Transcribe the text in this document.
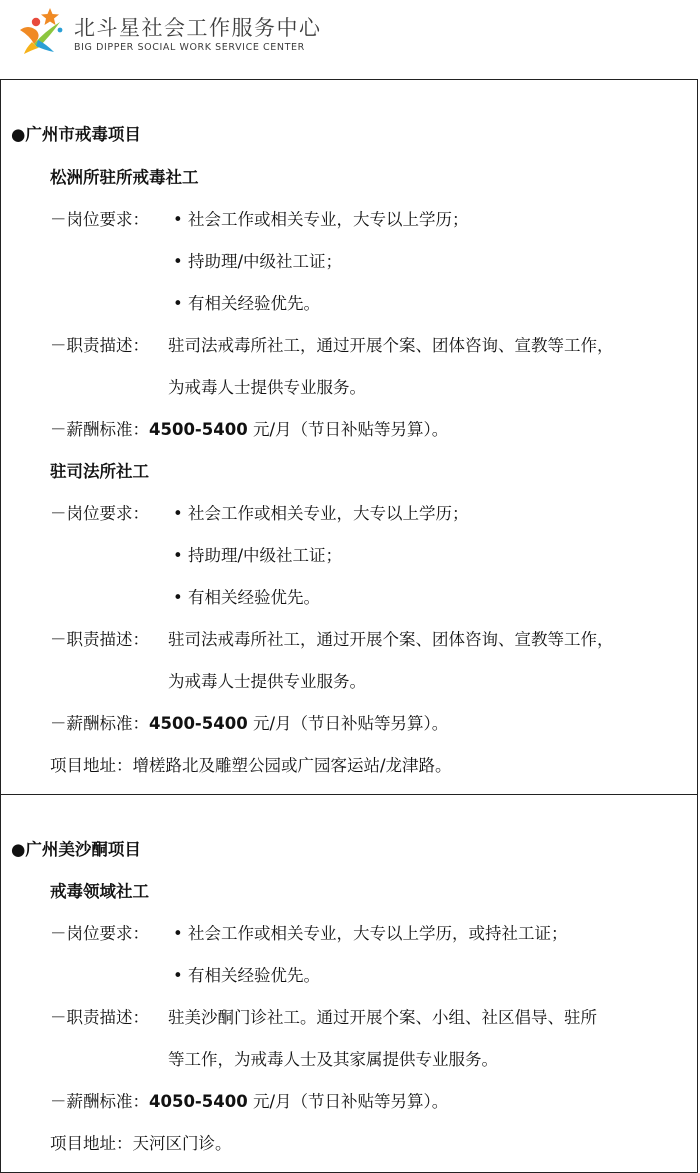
北斗星社会工作服务中心
BIG DIPPER SOCIAL WORK SERVICE CENTER
●广州市戒毒项目
松洲所驻所戒毒社工
－岗位要求： • 社会工作或相关专业，大专以上学历；
• 持助理/中级社工证；
• 有相关经验优先。
－职责描述： 驻司法戒毒所社工，通过开展个案、团体咨询、宣教等工作，
为戒毒人士提供专业服务。
－薪酬标准：4500-5400 元/月（节日补贴等另算）。
驻司法所社工
－岗位要求： • 社会工作或相关专业，大专以上学历；
• 持助理/中级社工证；
• 有相关经验优先。
－职责描述： 驻司法戒毒所社工，通过开展个案、团体咨询、宣教等工作，
为戒毒人士提供专业服务。
－薪酬标准：4500-5400 元/月（节日补贴等另算）。
项目地址：增槎路北及雕塑公园或广园客运站/龙津路。
●广州美沙酮项目
戒毒领域社工
－岗位要求： • 社会工作或相关专业，大专以上学历，或持社工证；
• 有相关经验优先。
－职责描述： 驻美沙酮门诊社工。通过开展个案、小组、社区倡导、驻所
等工作，为戒毒人士及其家属提供专业服务。
－薪酬标准：4050-5400 元/月（节日补贴等另算）。
项目地址：天河区门诊。
